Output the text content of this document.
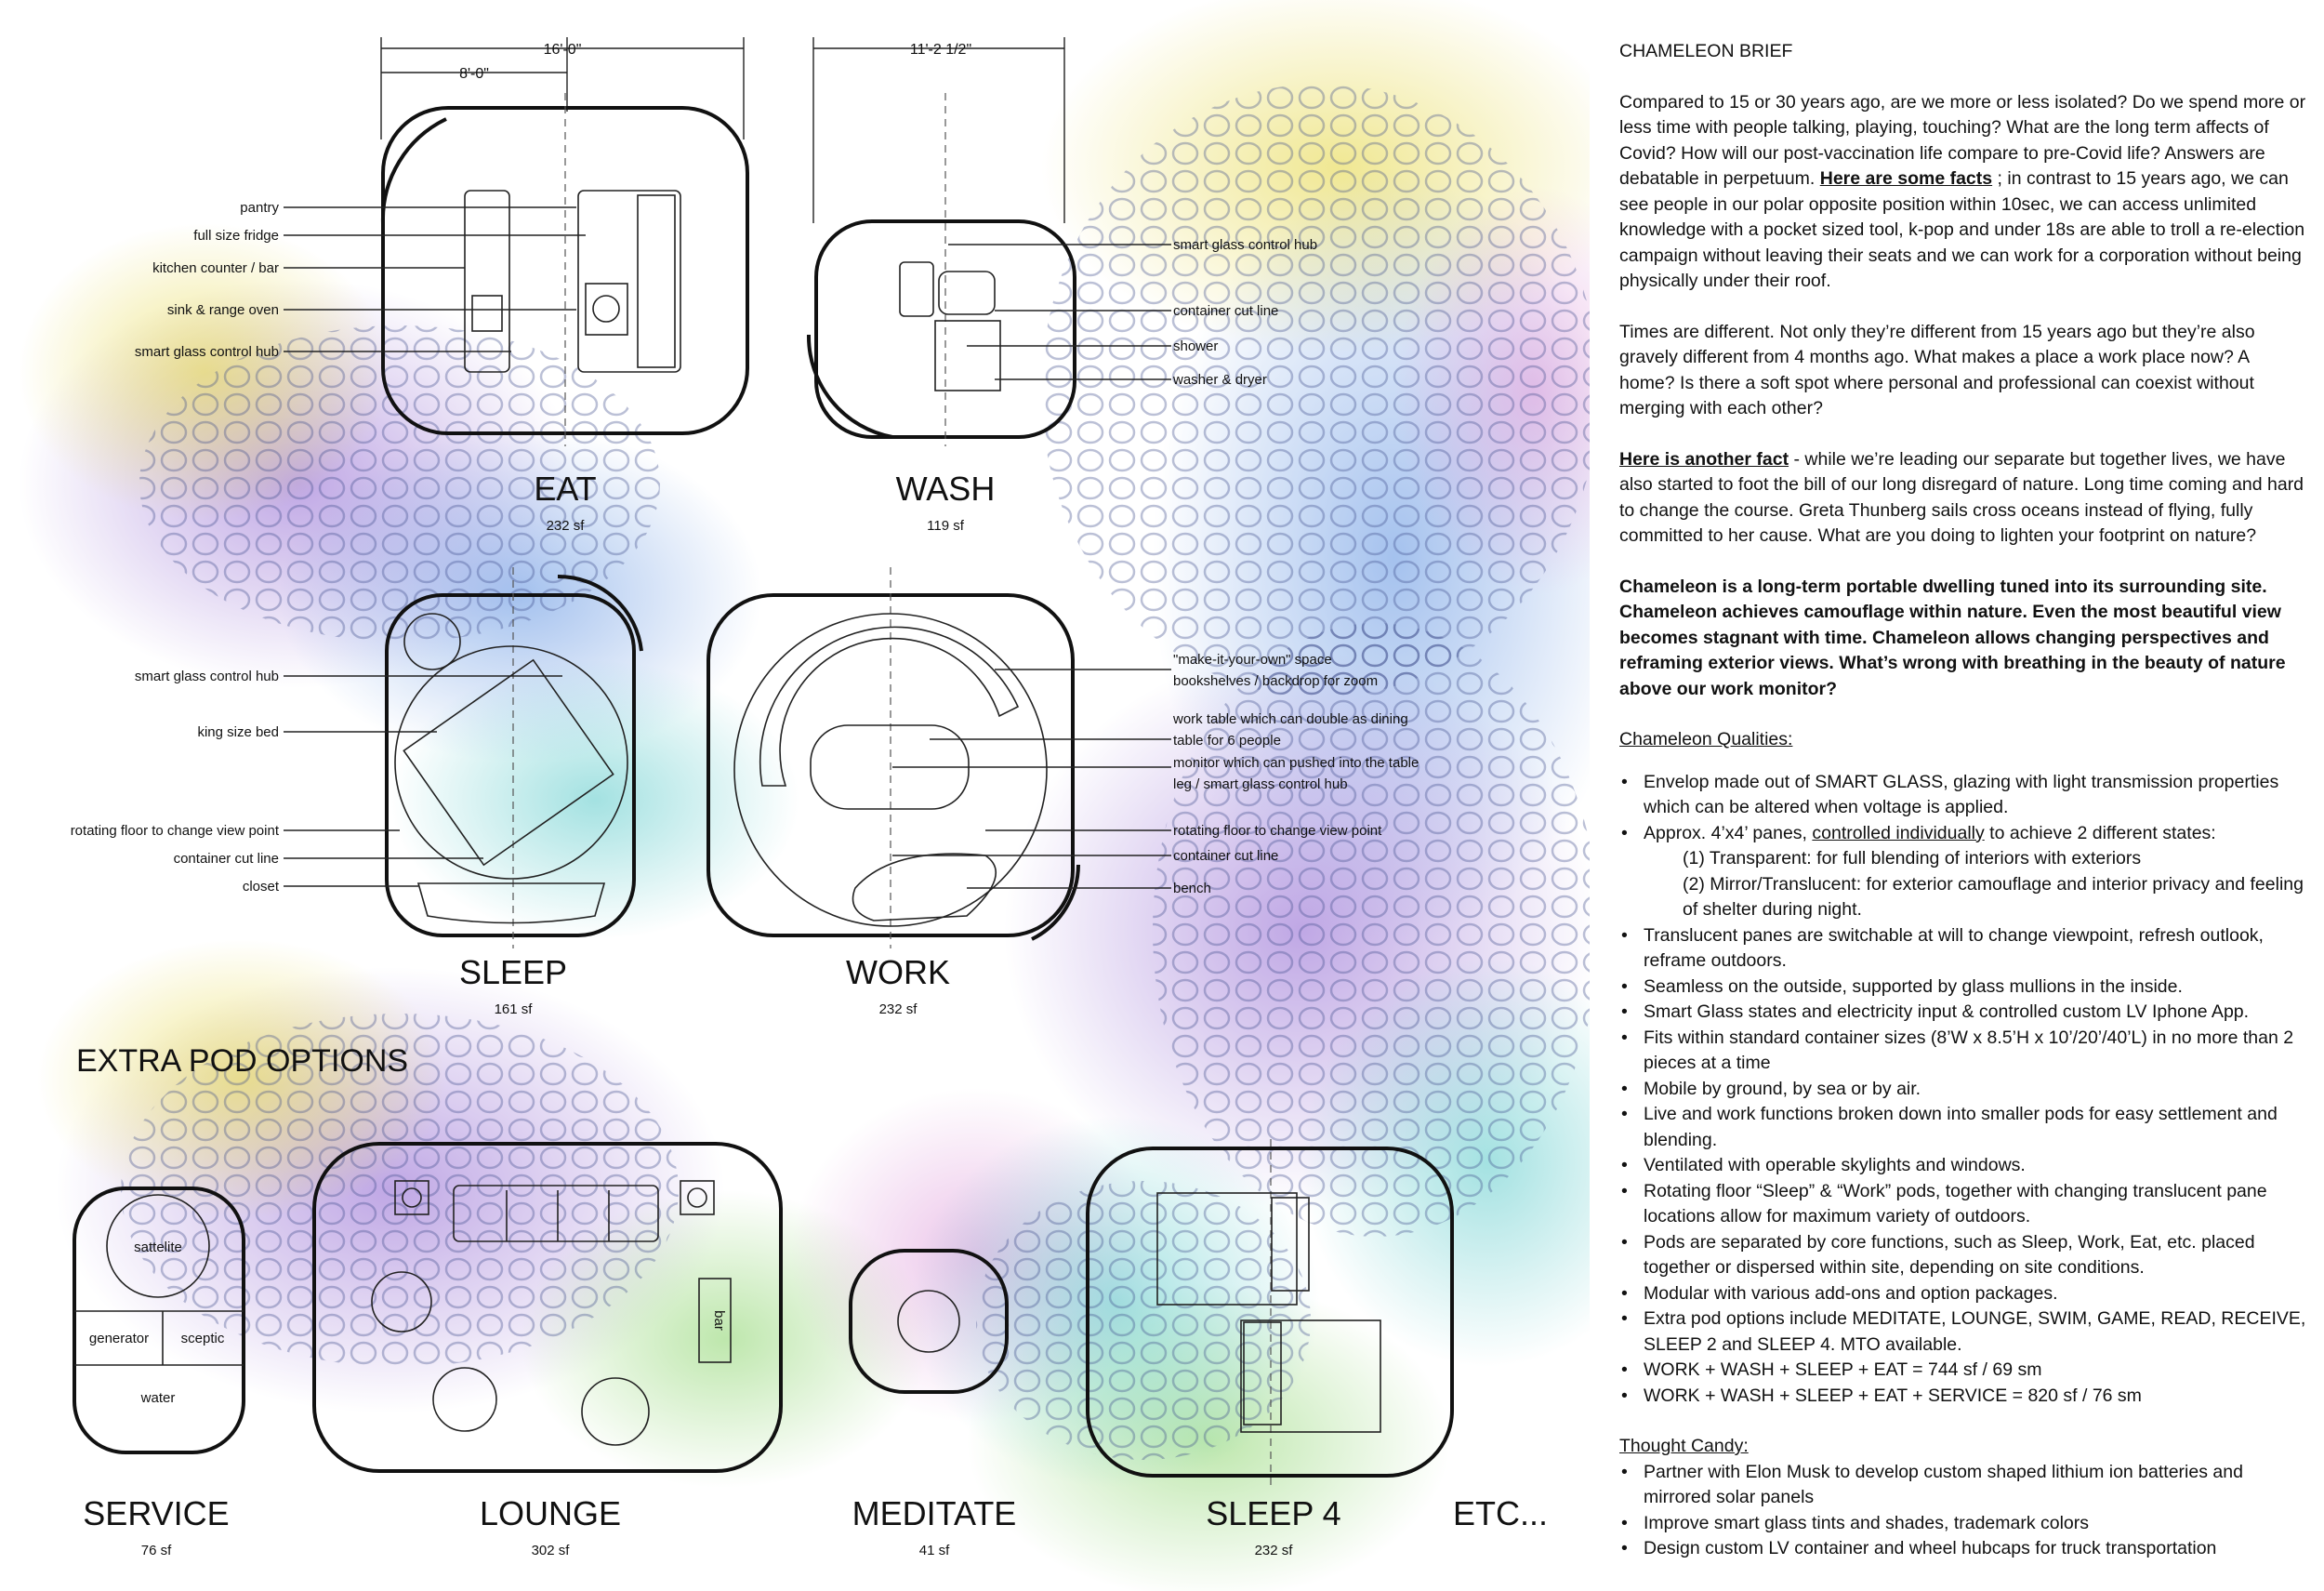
16'-0"
8'-0"
11'-2 1/2"
pantry
full size fridge
kitchen counter / bar
sink & range oven
smart glass control hub
EAT
232 sf
smart glass control hub
container cut line
shower
washer & dryer
WASH
119 sf
smart glass control hub
king size bed
rotating floor to change view point
container cut line
closet
SLEEP
161 sf
"make-it-your-own" space
bookshelves / backdrop for zoom
work table which can double as dining
table for 6 people
monitor which can pushed into the table
leg / smart glass control hub
rotating floor to change view point
container cut line
bench
WORK
232 sf
EXTRA POD OPTIONS
sattelite
generator sceptic
water
SERVICE
76 sf
bar
LOUNGE
302 sf
MEDITATE
41 sf
SLEEP 4
232 sf
ETC...

CHAMELEON BRIEF

Compared to 15 or 30 years ago, are we more or less isolated? Do we spend more or less time with people talking, playing, touching? What are the long term affects of Covid? How will our post-vaccination life compare to pre-Covid life? Answers are debatable in perpetuum. Here are some facts ; in contrast to 15 years ago, we can see people in our polar opposite position within 10sec, we can access unlimited knowledge with a pocket sized tool, k-pop and under 18s are able to troll a re-election campaign without leaving their seats and we can work for a corporation without being physically under their roof.

Times are different. Not only they’re different from 15 years ago but they’re also gravely different from 4 months ago. What makes a place a work place now? A home? Is there a soft spot where personal and professional can coexist without merging with each other?

Here is another fact - while we’re leading our separate but together lives, we have also started to foot the bill of our long disregard of nature. Long time coming and hard to change the course. Greta Thunberg sails cross oceans instead of flying, fully committed to her cause. What are you doing to lighten your footprint on nature?

Chameleon is a long-term portable dwelling tuned into its surrounding site. Chameleon achieves camouflage within nature. Even the most beautiful view becomes stagnant with time. Chameleon allows changing perspectives and reframing exterior views. What’s wrong with breathing in the beauty of nature above our work monitor?

Chameleon Qualities:

• Envelop made out of SMART GLASS, glazing with light transmission properties which can be altered when voltage is applied.
• Approx. 4’x4’ panes, controlled individually to achieve 2 different states:
(1) Transparent: for full blending of interiors with exteriors
(2) Mirror/Translucent: for exterior camouflage and interior privacy and feeling of shelter during night.
• Translucent panes are switchable at will to change viewpoint, refresh outlook, reframe outdoors.
• Seamless on the outside, supported by glass mullions in the inside.
• Smart Glass states and electricity input & controlled custom LV Iphone App.
• Fits within standard container sizes (8’W x 8.5’H x 10’/20’/40’L) in no more than 2 pieces at a time
• Mobile by ground, by sea or by air.
• Live and work functions broken down into smaller pods for easy settlement and blending.
• Ventilated with operable skylights and windows.
• Rotating floor “Sleep” & “Work” pods, together with changing translucent pane locations allow for maximum variety of outdoors.
• Pods are separated by core functions, such as Sleep, Work, Eat, etc. placed together or dispersed within site, depending on site conditions.
• Modular with various add-ons and option packages.
• Extra pod options include MEDITATE, LOUNGE, SWIM, GAME, READ, RECEIVE, SLEEP 2 and SLEEP 4. MTO available.
• WORK + WASH + SLEEP + EAT = 744 sf / 69 sm
• WORK + WASH + SLEEP + EAT + SERVICE = 820 sf / 76 sm

Thought Candy:

• Partner with Elon Musk to develop custom shaped lithium ion batteries and mirrored solar panels
• Improve smart glass tints and shades, trademark colors
• Design custom LV container and wheel hubcaps for truck transportation
